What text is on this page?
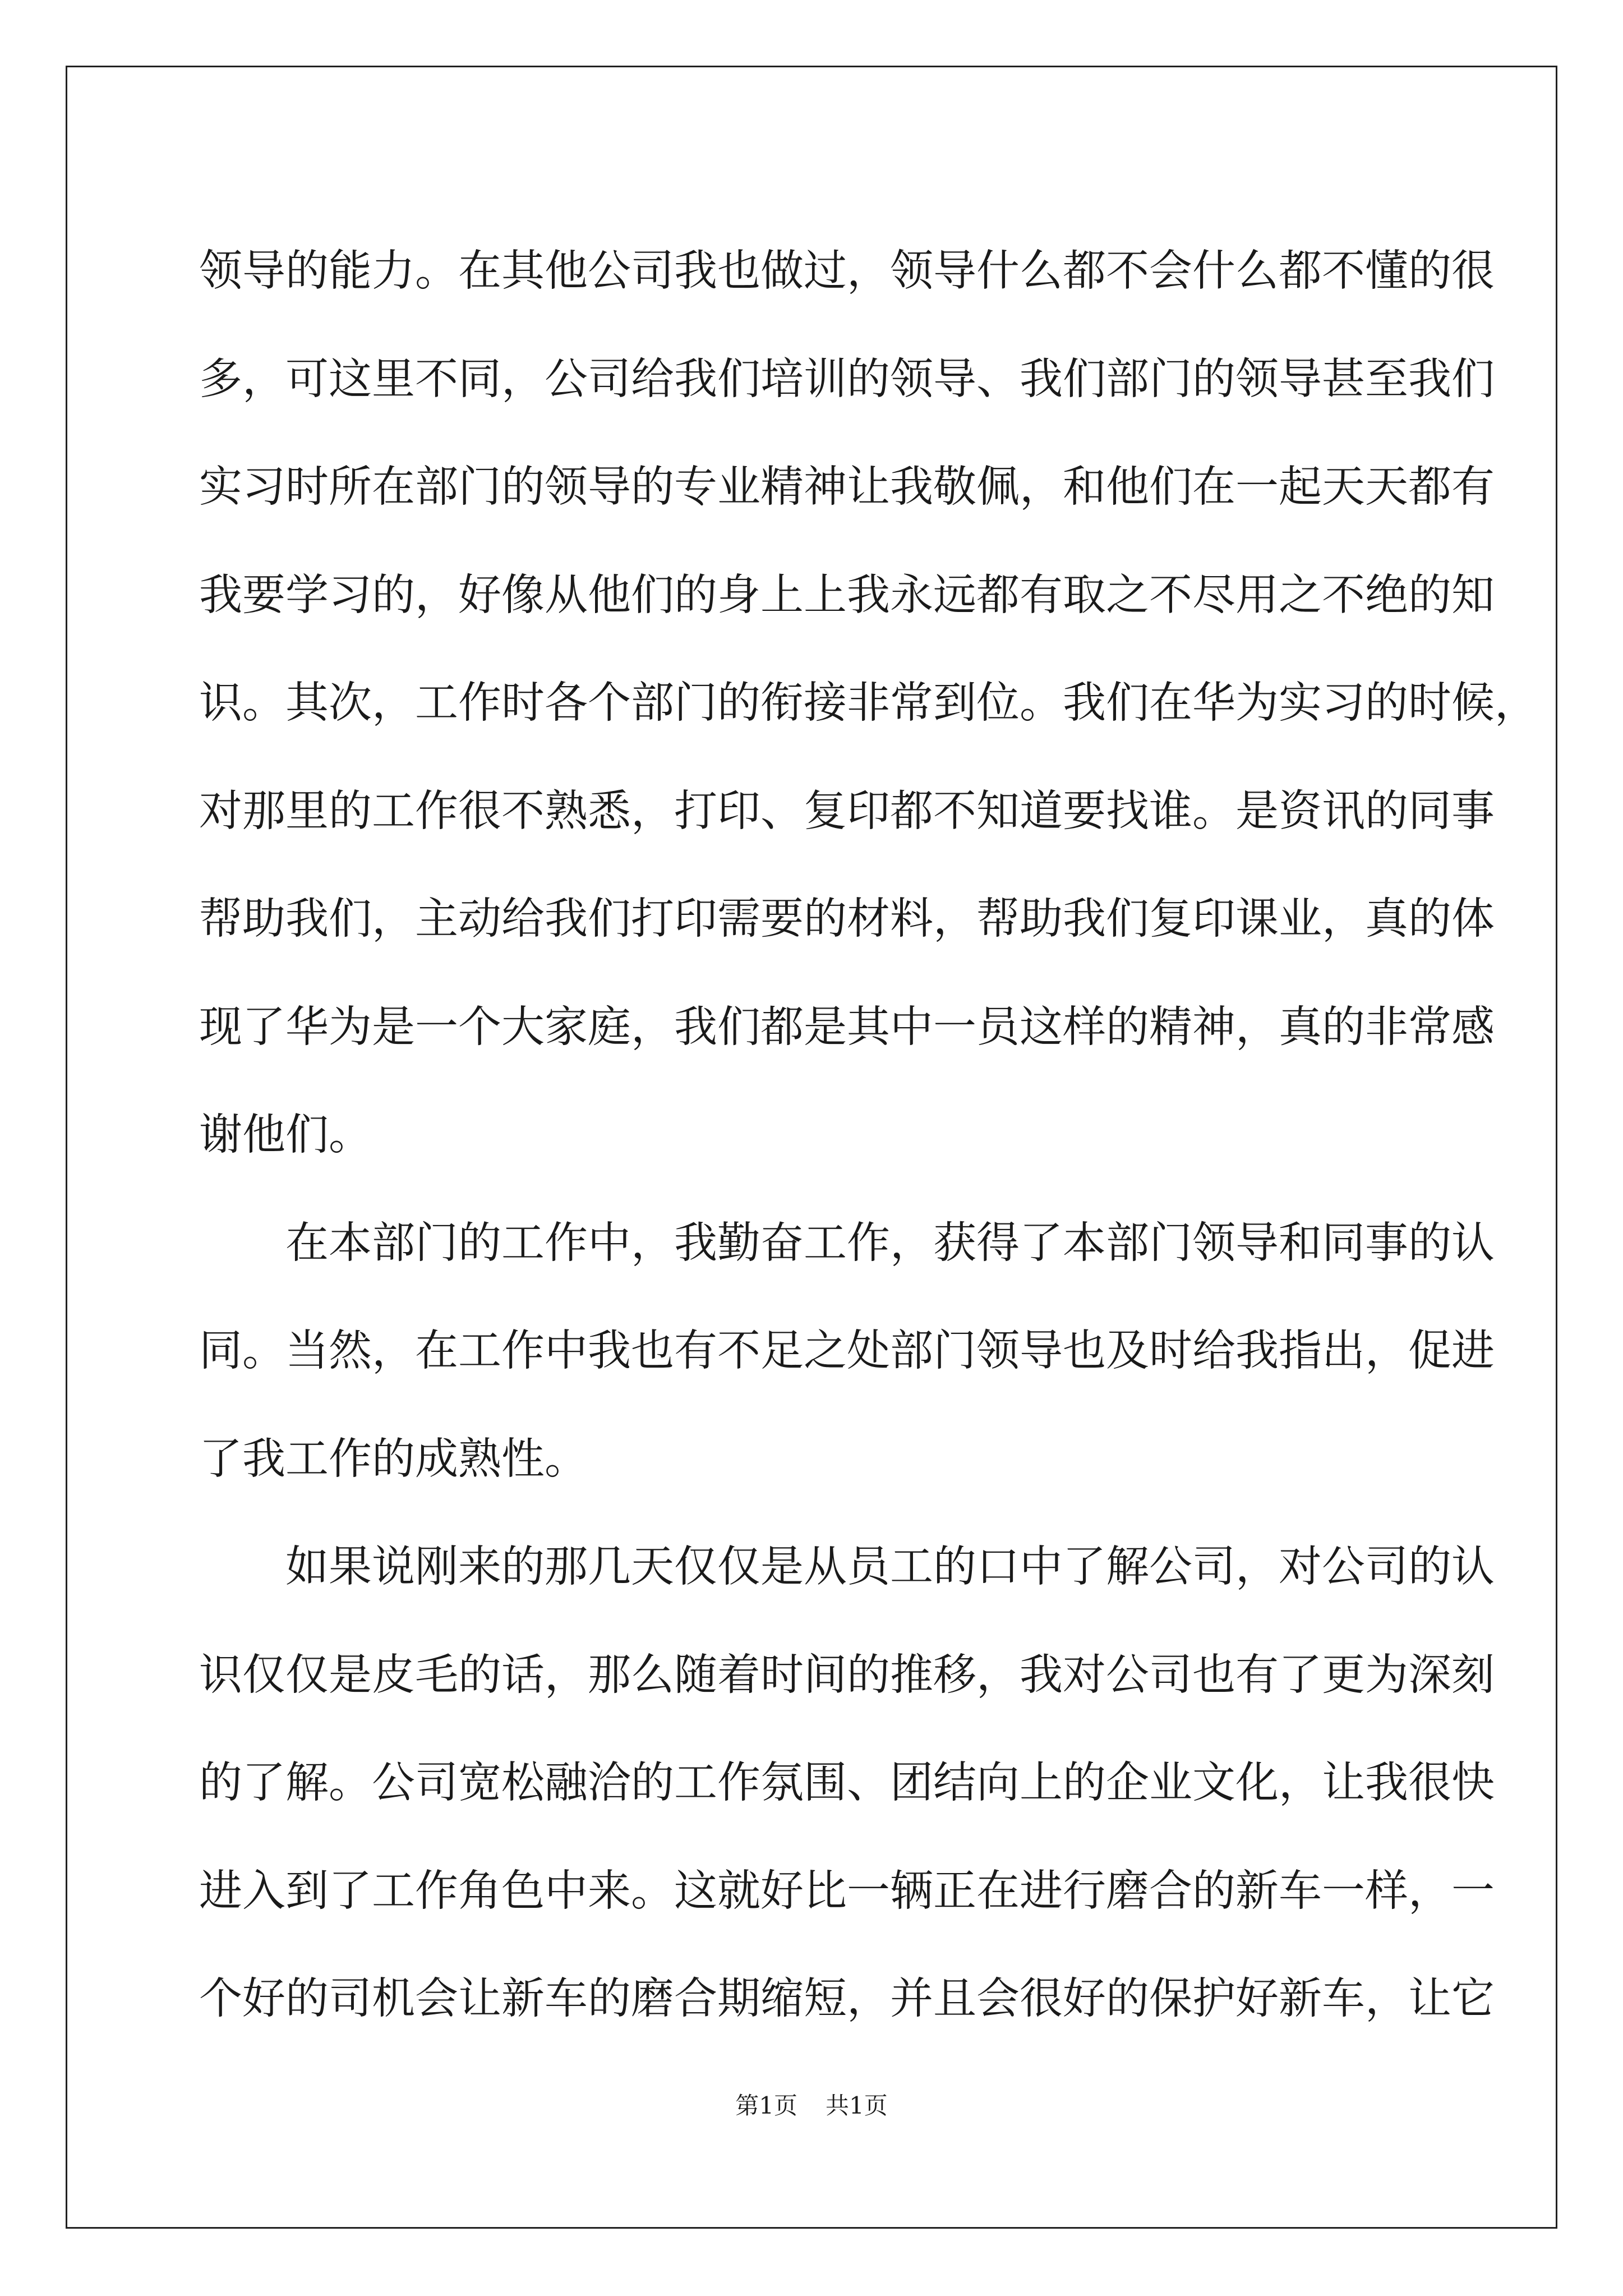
领导的能力。在其他公司我也做过，领导什么都不会什么都不懂的很
多，可这里不同，公司给我们培训的领导、我们部门的领导甚至我们
实习时所在部门的领导的专业精神让我敬佩，和他们在一起天天都有
我要学习的，好像从他们的身上上我永远都有取之不尽用之不绝的知
识。其次，工作时各个部门的衔接非常到位。我们在华为实习的时候，
对那里的工作很不熟悉，打印、复印都不知道要找谁。是资讯的同事
帮助我们，主动给我们打印需要的材料，帮助我们复印课业，真的体
现了华为是一个大家庭，我们都是其中一员这样的精神，真的非常感
谢他们。
在本部门的工作中，我勤奋工作，获得了本部门领导和同事的认
同。当然，在工作中我也有不足之处部门领导也及时给我指出，促进
了我工作的成熟性。
如果说刚来的那几天仅仅是从员工的口中了解公司，对公司的认
识仅仅是皮毛的话，那么随着时间的推移，我对公司也有了更为深刻
的了解。公司宽松融洽的工作氛围、团结向上的企业文化，让我很快
进入到了工作角色中来。这就好比一辆正在进行磨合的新车一样，一
个好的司机会让新车的磨合期缩短，并且会很好的保护好新车，让它
第1页 共1页
